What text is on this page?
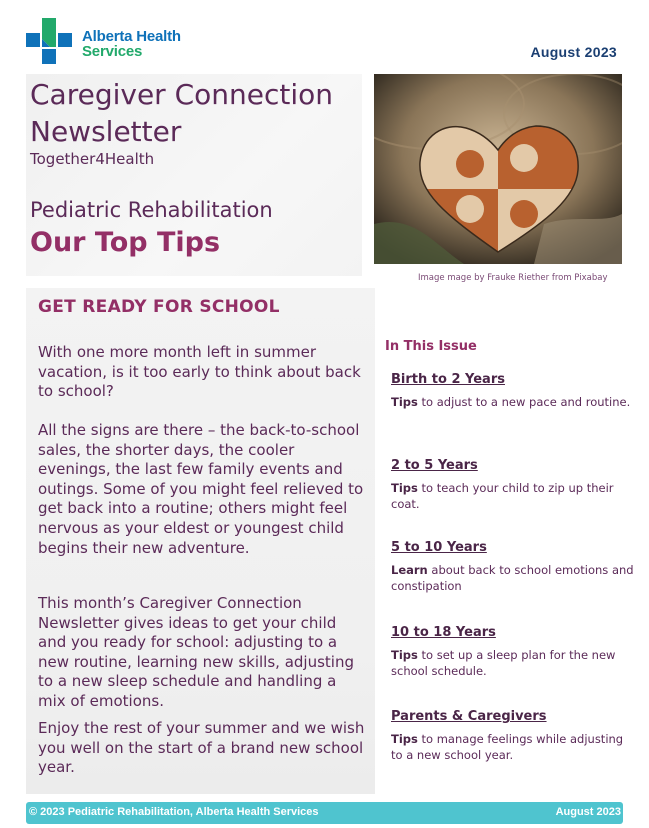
Alberta Health
Services	August 2023
Caregiver Connection Newsletter
Together4Health
Pediatric Rehabilitation
Our Top Tips
Image mage by Frauke Riether from Pixabay
GET READY FOR SCHOOL

With one more month left in summer vacation, is it too early to think about back to school?

All the signs are there – the back-to-school sales, the shorter days, the cooler evenings, the last few family events and outings. Some of you might feel relieved to get back into a routine; others might feel nervous as your eldest or youngest child begins their new adventure.

This month’s Caregiver Connection Newsletter gives ideas to get your child and you ready for school: adjusting to a new routine, learning new skills, adjusting to a new sleep schedule and handling a mix of emotions.

Enjoy the rest of your summer and we wish you well on the start of a brand new school year.

In This Issue
Birth to 2 Years
Tips to adjust to a new pace and routine.
2 to 5 Years
Tips to teach your child to zip up their coat.
5 to 10 Years
Learn about back to school emotions and constipation
10 to 18 Years
Tips to set up a sleep plan for the new school schedule.
Parents & Caregivers
Tips to manage feelings while adjusting to a new school year.
© 2023 Pediatric Rehabilitation, Alberta Health Services	August 2023
